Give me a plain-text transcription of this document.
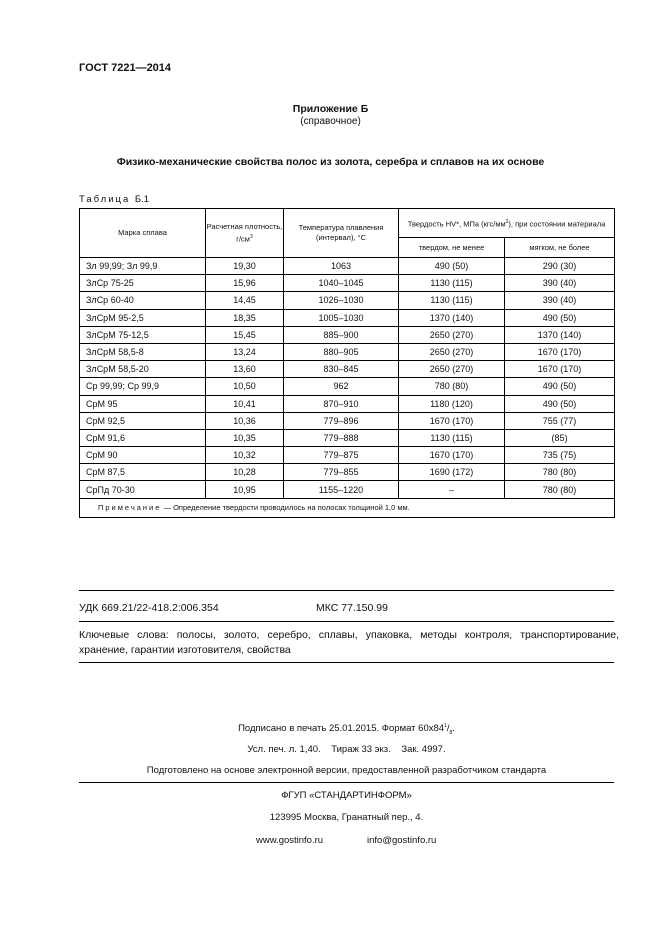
ГОСТ 7221—2014
Приложение Б
(справочное)
Физико-механические свойства полос из золота, серебра и сплавов на их основе
Таблица Б.1
Марка сплава	Расчетная плотность, $г/см^3$	Температура плавления (интервал), °С	Твердость HV*, МПа $(кгс/мм^2)$, при состоянии материала	
			твердом, не менее	мягком, не более
Зл 99,99; Зл 99,9	19,30	1063	490 (50)	290 (30)
ЗлСр 75-25	15,96	1040–1045	1130 (115)	390 (40)
ЗлСр 60-40	14,45	1026–1030	1130 (115)	390 (40)
ЗлСрМ 95-2,5	18,35	1005–1030	1370 (140)	490 (50)
ЗлСрМ 75-12,5	15,45	885–900	2650 (270)	1370 (140)
ЗлСрМ 58,5-8	13,24	880–905	2650 (270)	1670 (170)
ЗлСрМ 58,5-20	13,60	830–845	2650 (270)	1670 (170)
Ср 99,99; Ср 99,9	10,50	962	780 (80)	490 (50)
СрМ 95	10,41	870–910	1180 (120)	490 (50)
СрМ 92,5	10,36	779–896	1670 (170)	755 (77)
СрМ 91,6	10,35	779–888	1130 (115)	(85)
СрМ 90	10,32	779–875	1670 (170)	735 (75)
СрМ 87,5	10,28	779–855	1690 (172)	780 (80)
СрПд 70-30	10,95	1155–1220	–	780 (80)
Примечание — Определение твердости проводилось на полосах толщиной 1,0 мм.				
УДК 669.21/22-418.2:006.354	МКС 77.150.99
Ключевые слова: полосы, золото, серебро, сплавы, упаковка, методы контроля, транспортирование, хранение, гарантии изготовителя, свойства
Подписано в печать 25.01.2015. Формат $60x84^1/_8$.
Усл. печ. л. 1,40.    Тираж 33 экз.    Зак. 4997.
Подготовлено на основе электронной версии, предоставленной разработчиком стандарта
ФГУП «СТАНДАРТИНФОРМ»
123995 Москва, Гранатный пер., 4.
www.gostinfo.ru	info@gostinfo.ru
